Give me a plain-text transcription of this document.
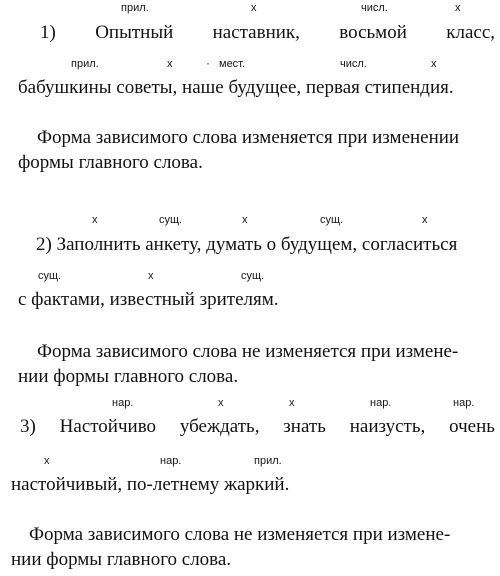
прил.	х	числ.	х
1) Опытный наставник, восьмой класс,
прил.	х	· мест.	числ.	х
бабушкины советы, наше будущее, первая стипендия.
Форма зависимого слова изменяется при изменении
формы главного слова.
х	сущ.	х	сущ.	х
2) Заполнить анкету, думать о будущем, согласиться
сущ.	х	сущ.
с фактами, известный зрителям.
Форма зависимого слова не изменяется при измене-
нии формы главного слова.
нар.	х	х	нар.	нар.
3) Настойчиво убеждать, знать наизусть, очень
х	нар.	прил.
настойчивый, по-летнему жаркий.
Форма зависимого слова не изменяется при измене-
нии формы главного слова.
